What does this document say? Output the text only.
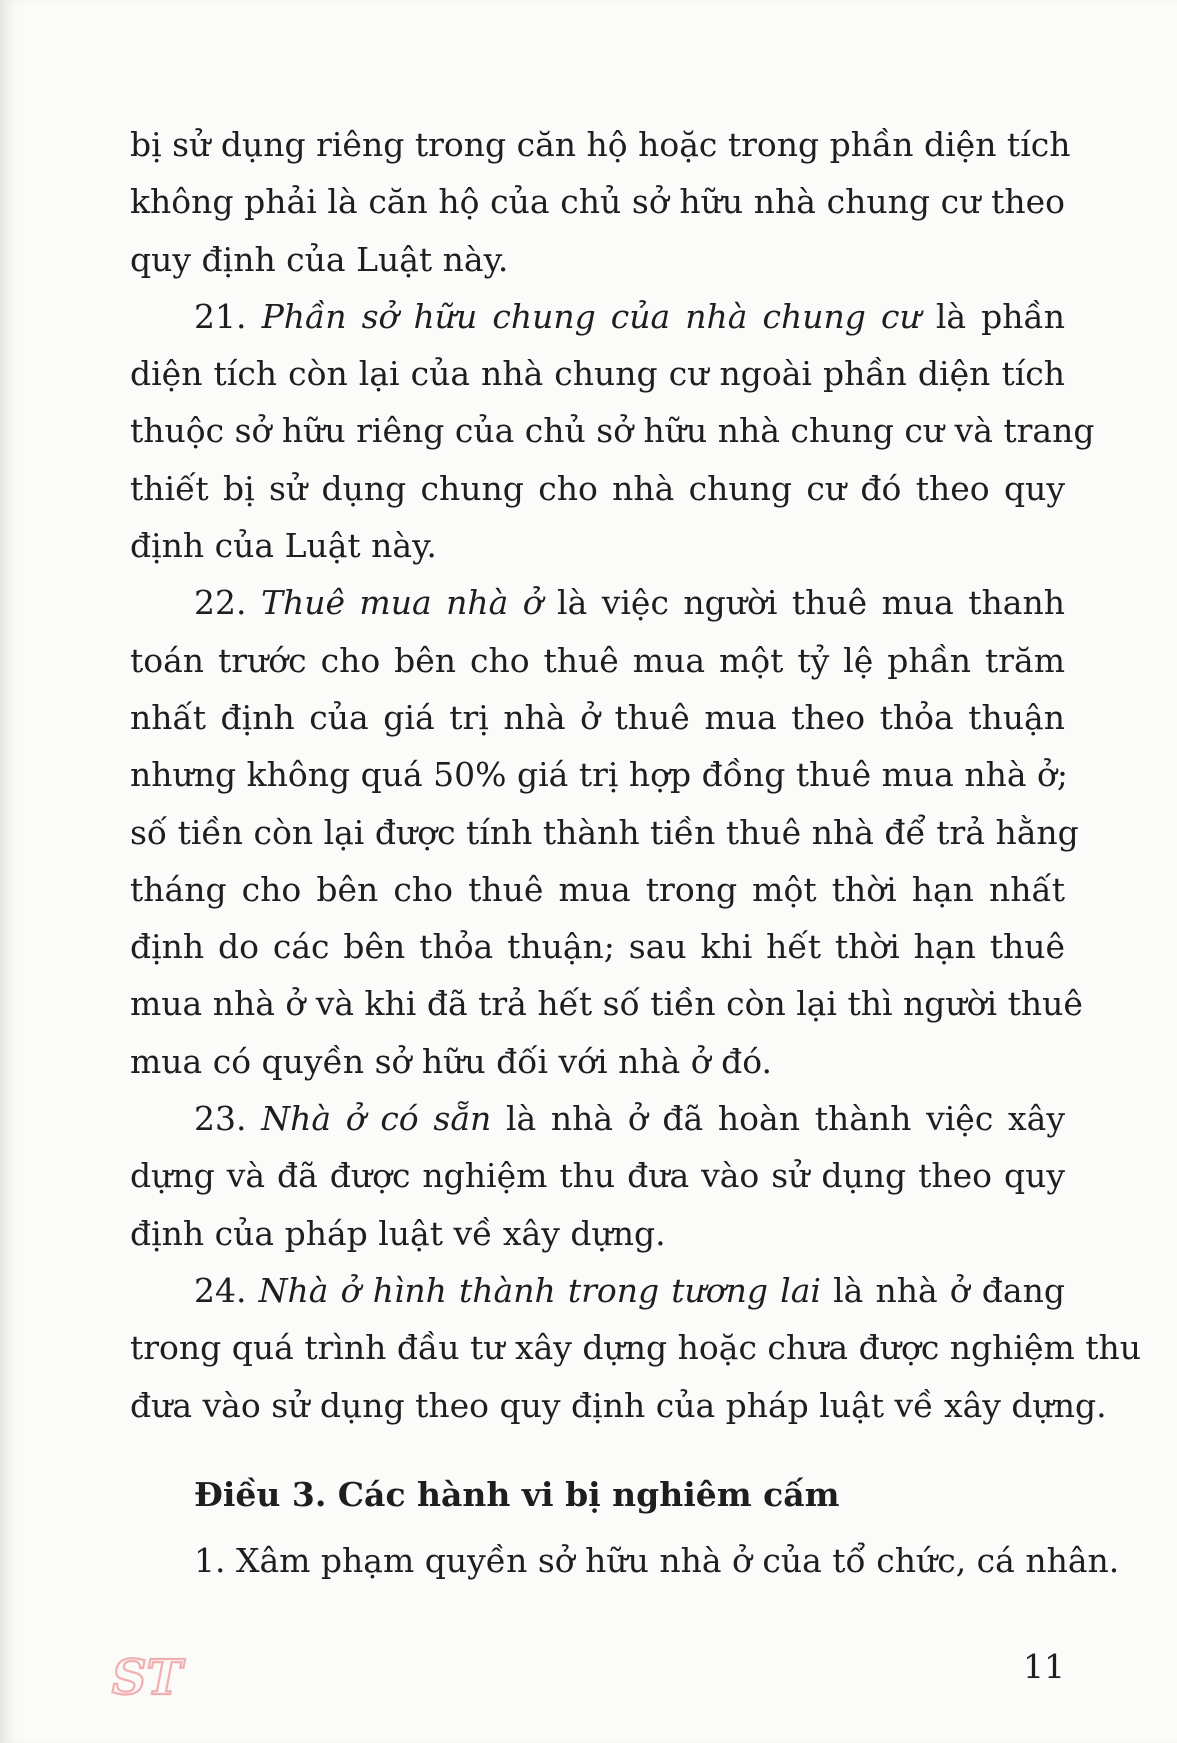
bị sử dụng riêng trong căn hộ hoặc trong phần diện tích
không phải là căn hộ của chủ sở hữu nhà chung cư theo
quy định của Luật này.
21. Phần sở hữu chung của nhà chung cư là phần
diện tích còn lại của nhà chung cư ngoài phần diện tích
thuộc sở hữu riêng của chủ sở hữu nhà chung cư và trang
thiết bị sử dụng chung cho nhà chung cư đó theo quy
định của Luật này.
22. Thuê mua nhà ở là việc người thuê mua thanh
toán trước cho bên cho thuê mua một tỷ lệ phần trăm
nhất định của giá trị nhà ở thuê mua theo thỏa thuận
nhưng không quá 50% giá trị hợp đồng thuê mua nhà ở;
số tiền còn lại được tính thành tiền thuê nhà để trả hằng
tháng cho bên cho thuê mua trong một thời hạn nhất
định do các bên thỏa thuận; sau khi hết thời hạn thuê
mua nhà ở và khi đã trả hết số tiền còn lại thì người thuê
mua có quyền sở hữu đối với nhà ở đó.
23. Nhà ở có sẵn là nhà ở đã hoàn thành việc xây
dựng và đã được nghiệm thu đưa vào sử dụng theo quy
định của pháp luật về xây dựng.
24. Nhà ở hình thành trong tương lai là nhà ở đang
trong quá trình đầu tư xây dựng hoặc chưa được nghiệm thu
đưa vào sử dụng theo quy định của pháp luật về xây dựng.
Điều 3. Các hành vi bị nghiêm cấm
1. Xâm phạm quyền sở hữu nhà ở của tổ chức, cá nhân.
ST	11
